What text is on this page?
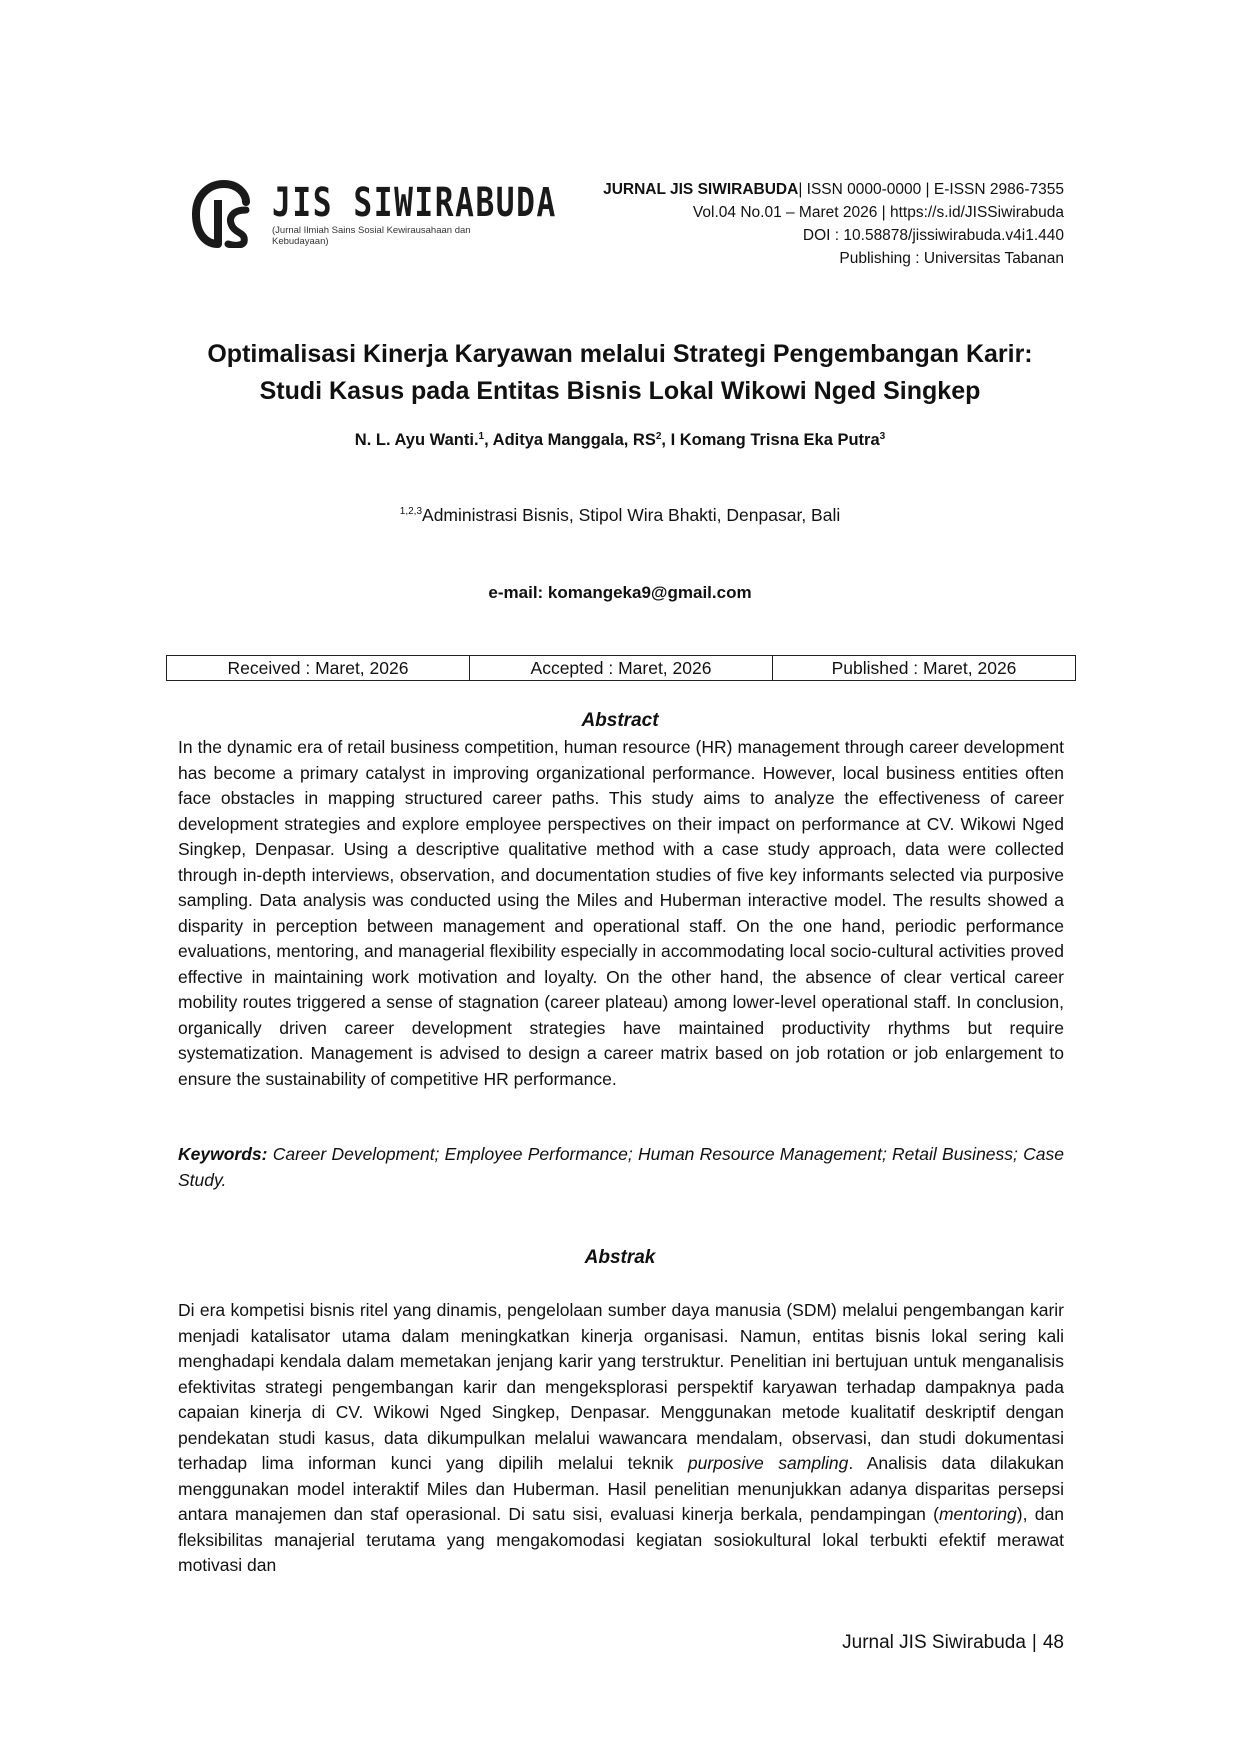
JIS SIWIRABUDA
(Jurnal Ilmiah Sains Sosial Kewirausahaan dan Kebudayaan)
JURNAL JIS SIWIRABUDA| ISSN 0000-0000 | E-ISSN 2986-7355
Vol.04 No.01 – Maret 2026 | https://s.id/JISSiwirabuda
DOI : 10.58878/jissiwirabuda.v4i1.440
Publishing : Universitas Tabanan
Optimalisasi Kinerja Karyawan melalui Strategi Pengembangan Karir:
Studi Kasus pada Entitas Bisnis Lokal Wikowi Nged Singkep
N. L. Ayu Wanti.$^1$, Aditya Manggala, $RS^2$, I Komang Trisna Eka Putra$^3$
$^{1,2,3}$Administrasi Bisnis, Stipol Wira Bhakti, Denpasar, Bali
e-mail: komangeka9@gmail.com
Received : Maret, 2026	Accepted : Maret, 2026	Published : Maret, 2026
Abstract
In the dynamic era of retail business competition, human resource (HR) management through career development has become a primary catalyst in improving organizational performance. However, local business entities often face obstacles in mapping structured career paths. This study aims to analyze the effectiveness of career development strategies and explore employee perspectives on their impact on performance at CV. Wikowi Nged Singkep, Denpasar. Using a descriptive qualitative method with a case study approach, data were collected through in-depth interviews, observation, and documentation studies of five key informants selected via purposive sampling. Data analysis was conducted using the Miles and Huberman interactive model. The results showed a disparity in perception between management and operational staff. On the one hand, periodic performance evaluations, mentoring, and managerial flexibility especially in accommodating local socio-cultural activities proved effective in maintaining work motivation and loyalty. On the other hand, the absence of clear vertical career mobility routes triggered a sense of stagnation (career plateau) among lower-level operational staff. In conclusion, organically driven career development strategies have maintained productivity rhythms but require systematization. Management is advised to design a career matrix based on job rotation or job enlargement to ensure the sustainability of competitive HR performance.
Keywords: Career Development; Employee Performance; Human Resource Management; Retail Business; Case Study.
Abstrak
Di era kompetisi bisnis ritel yang dinamis, pengelolaan sumber daya manusia (SDM) melalui pengembangan karir menjadi katalisator utama dalam meningkatkan kinerja organisasi. Namun, entitas bisnis lokal sering kali menghadapi kendala dalam memetakan jenjang karir yang terstruktur. Penelitian ini bertujuan untuk menganalisis efektivitas strategi pengembangan karir dan mengeksplorasi perspektif karyawan terhadap dampaknya pada capaian kinerja di CV. Wikowi Nged Singkep, Denpasar. Menggunakan metode kualitatif deskriptif dengan pendekatan studi kasus, data dikumpulkan melalui wawancara mendalam, observasi, dan studi dokumentasi terhadap lima informan kunci yang dipilih melalui teknik purposive sampling. Analisis data dilakukan menggunakan model interaktif Miles dan Huberman. Hasil penelitian menunjukkan adanya disparitas persepsi antara manajemen dan staf operasional. Di satu sisi, evaluasi kinerja berkala, pendampingan (mentoring), dan fleksibilitas manajerial terutama yang mengakomodasi kegiatan sosiokultural lokal terbukti efektif merawat motivasi dan
Jurnal JIS Siwirabuda | 48
